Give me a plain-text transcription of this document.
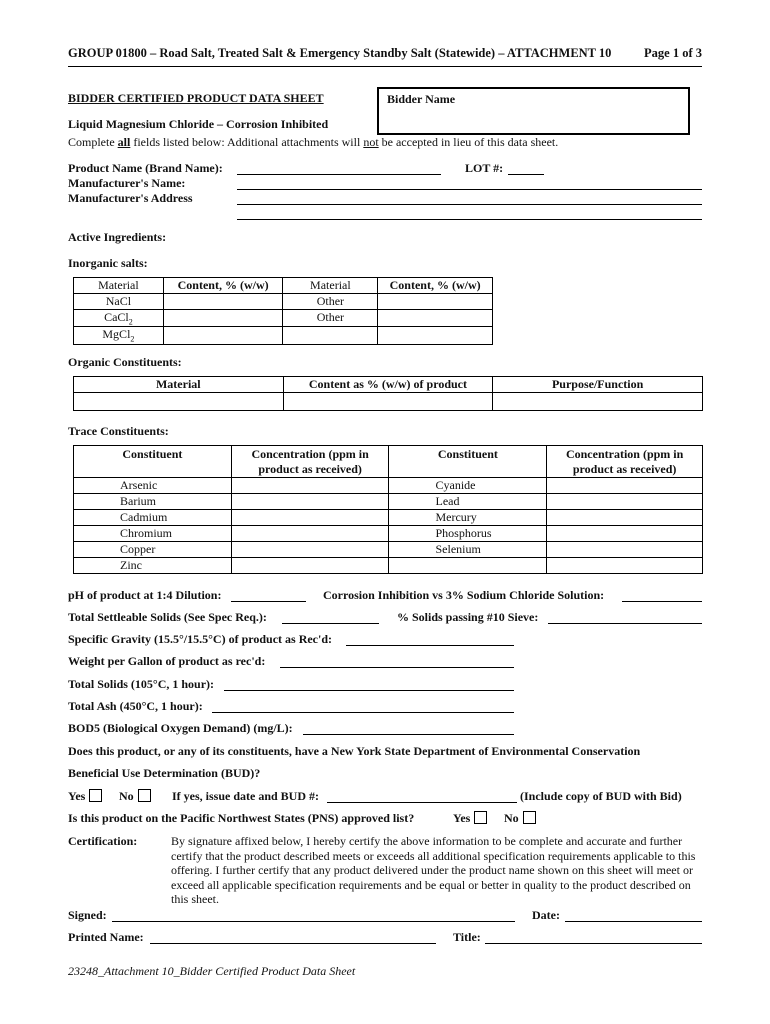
GROUP 01800 – Road Salt, Treated Salt & Emergency Standby Salt (Statewide) – ATTACHMENT 10	Page 1 of 3
BIDDER CERTIFIED PRODUCT DATA SHEET	Bidder Name
Liquid Magnesium Chloride – Corrosion Inhibited
Complete all fields listed below: Additional attachments will not be accepted in lieu of this data sheet.
Product Name (Brand Name):	LOT #:
Manufacturer's Name:
Manufacturer's Address
Active Ingredients:
Inorganic salts:
Material	Content, % (w/w)	Material	Content, % (w/w)
NaCl		Other	
CaCl$_2$		Other	
MgCl$_2$			
Organic Constituents:
Material	Content as % (w/w) of product	Purpose/Function

Trace Constituents:
Constituent	Concentration (ppm in product as received)	Constituent	Concentration (ppm in product as received)
Arsenic		Cyanide	
Barium		Lead	
Cadmium		Mercury	
Chromium		Phosphorus	
Copper		Selenium	
Zinc			
pH of product at 1:4 Dilution:	Corrosion Inhibition vs 3% Sodium Chloride Solution:
Total Settleable Solids (See Spec Req.):	% Solids passing #10 Sieve:
Specific Gravity (15.5°/15.5°C) of product as Rec'd:
Weight per Gallon of product as rec'd:
Total Solids (105°C, 1 hour):
Total Ash (450°C, 1 hour):
BOD5 (Biological Oxygen Demand) (mg/L):
Does this product, or any of its constituents, have a New York State Department of Environmental Conservation
Beneficial Use Determination (BUD)?
Yes	No	If yes, issue date and BUD #:	(Include copy of BUD with Bid)
Is this product on the Pacific Northwest States (PNS) approved list?	Yes	No
Certification:	By signature affixed below, I hereby certify the above information to be complete and accurate and further certify that the product described meets or exceeds all additional specification requirements applicable to this offering. I further certify that any product delivered under the product name shown on this sheet will meet or exceed all applicable specification requirements and be equal or better in quality to the product described on this sheet.
Signed:	Date:
Printed Name:	Title:
23248_Attachment 10_Bidder Certified Product Data Sheet
